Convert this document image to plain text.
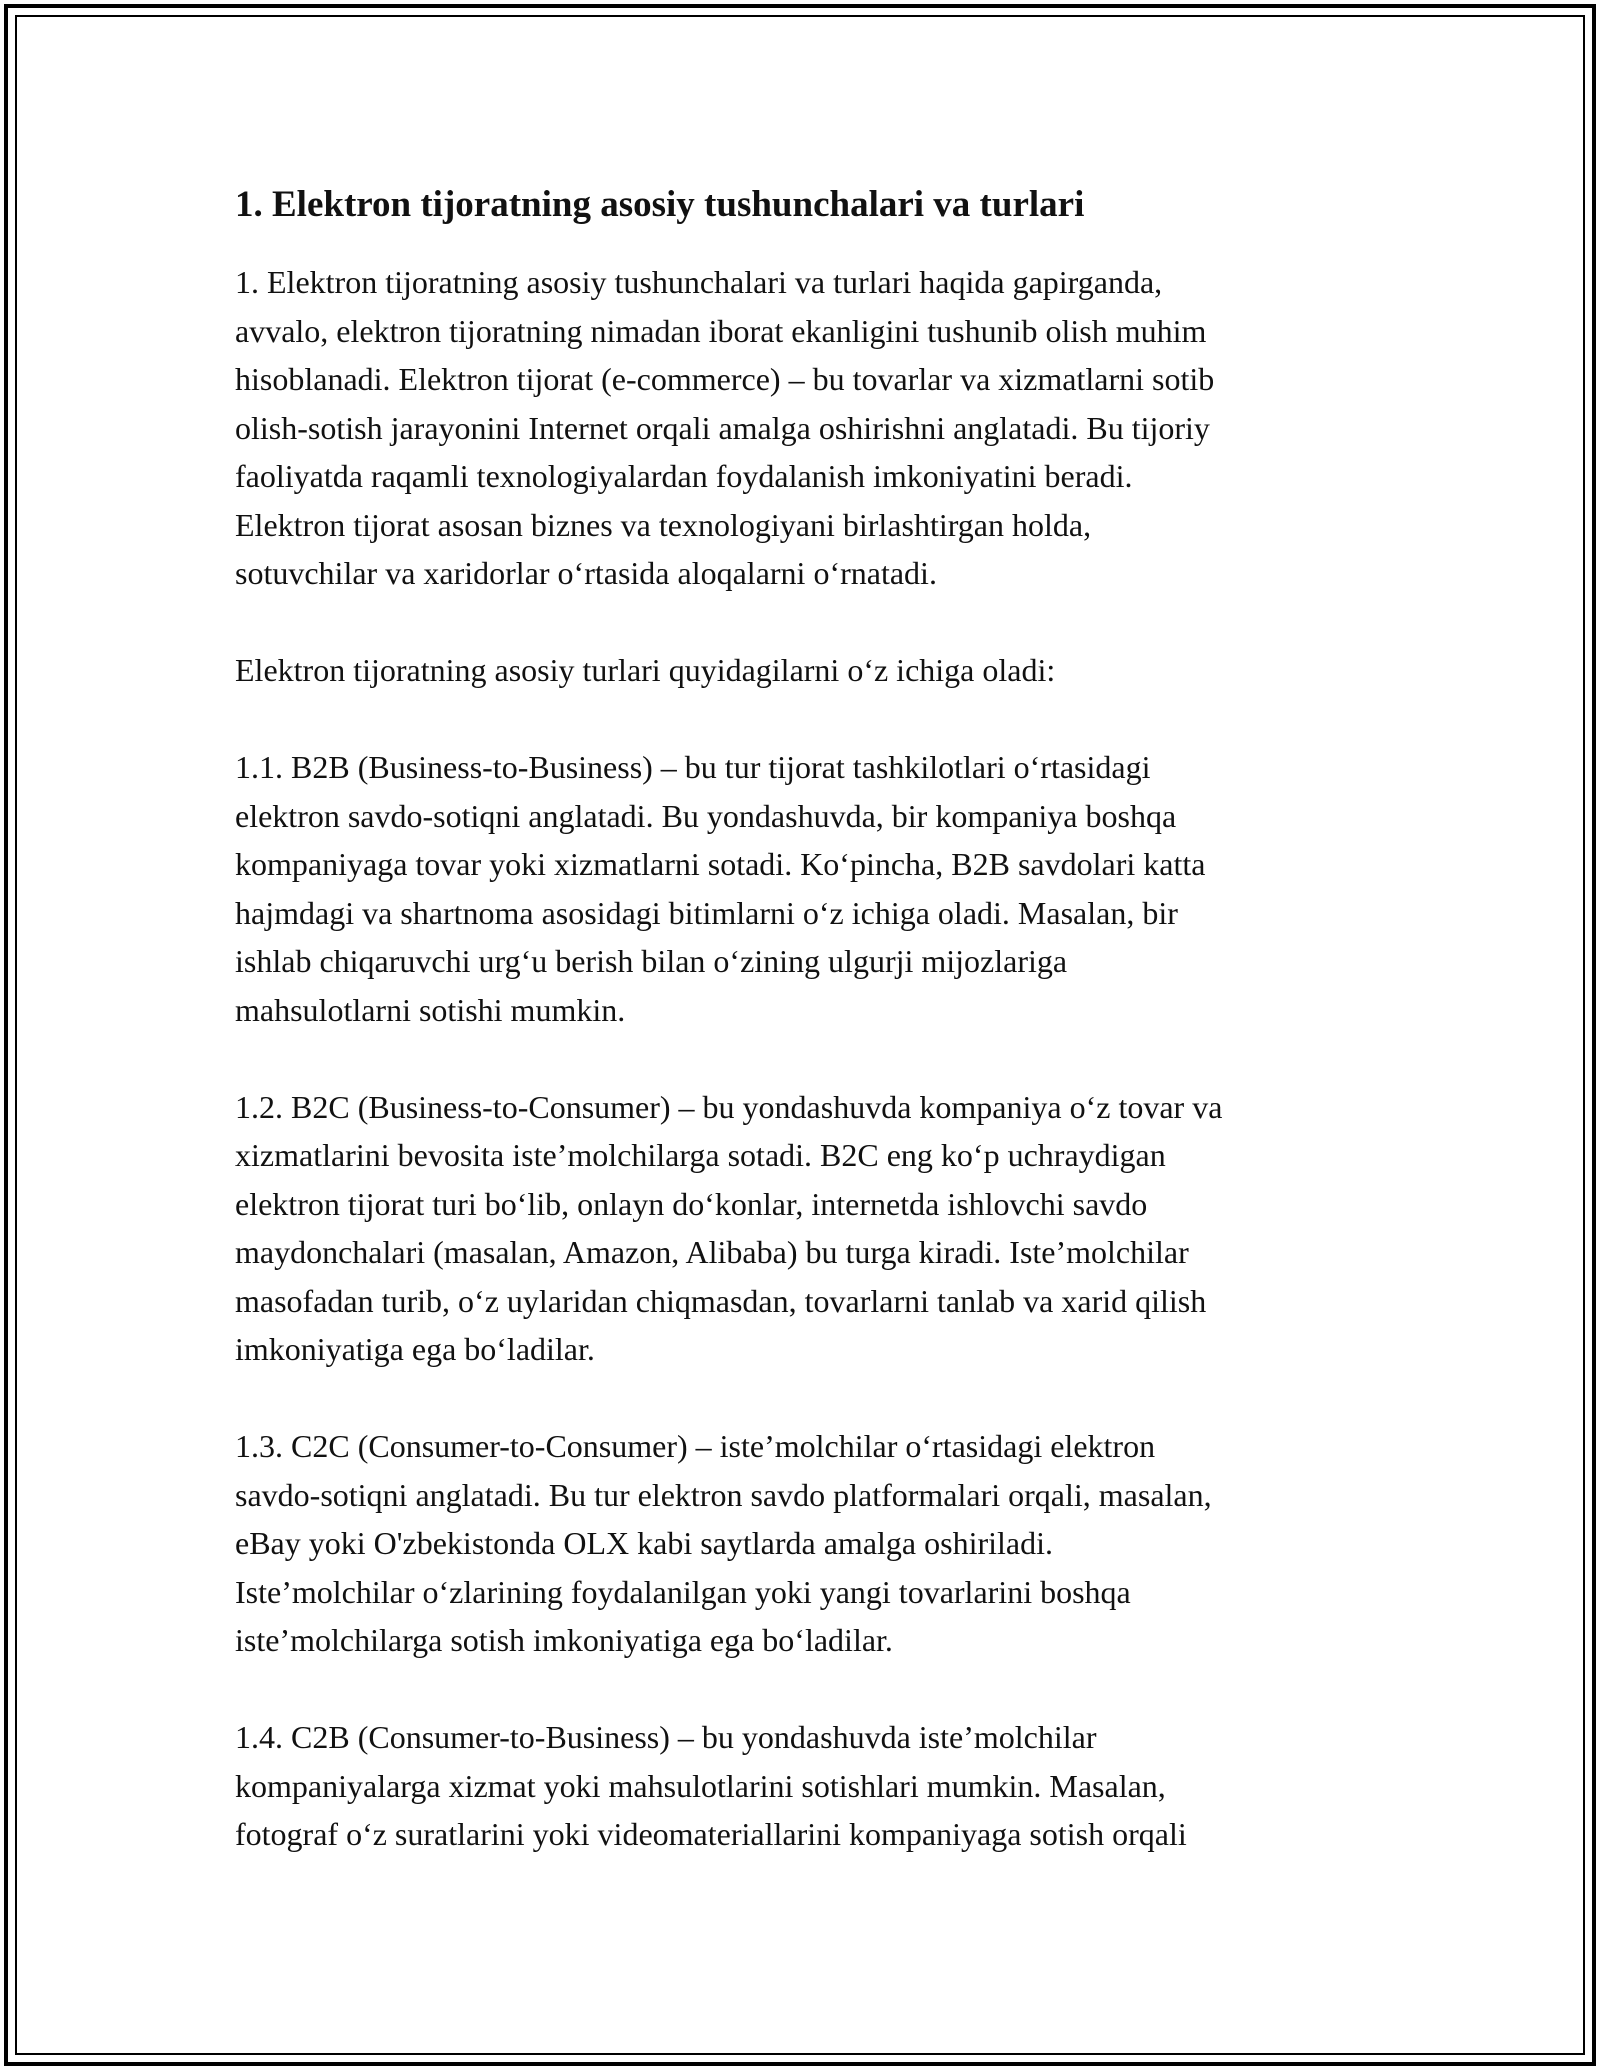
1. Elektron tijoratning asosiy tushunchalari va turlari

1. Elektron tijoratning asosiy tushunchalari va turlari haqida gapirganda,
avvalo, elektron tijoratning nimadan iborat ekanligini tushunib olish muhim
hisoblanadi. Elektron tijorat (e-commerce) – bu tovarlar va xizmatlarni sotib
olish-sotish jarayonini Internet orqali amalga oshirishni anglatadi. Bu tijoriy
faoliyatda raqamli texnologiyalardan foydalanish imkoniyatini beradi.
Elektron tijorat asosan biznes va texnologiyani birlashtirgan holda,
sotuvchilar va xaridorlar oʻrtasida aloqalarni oʻrnatadi.

Elektron tijoratning asosiy turlari quyidagilarni oʻz ichiga oladi:

1.1. B2B (Business-to-Business) – bu tur tijorat tashkilotlari oʻrtasidagi
elektron savdo-sotiqni anglatadi. Bu yondashuvda, bir kompaniya boshqa
kompaniyaga tovar yoki xizmatlarni sotadi. Koʻpincha, B2B savdolari katta
hajmdagi va shartnoma asosidagi bitimlarni oʻz ichiga oladi. Masalan, bir
ishlab chiqaruvchi urgʻu berish bilan oʻzining ulgurji mijozlariga
mahsulotlarni sotishi mumkin.

1.2. B2C (Business-to-Consumer) – bu yondashuvda kompaniya oʻz tovar va
xizmatlarini bevosita isteʼmolchilarga sotadi. B2C eng koʻp uchraydigan
elektron tijorat turi boʻlib, onlayn doʻkonlar, internetda ishlovchi savdo
maydonchalari (masalan, Amazon, Alibaba) bu turga kiradi. Isteʼmolchilar
masofadan turib, oʻz uylaridan chiqmasdan, tovarlarni tanlab va xarid qilish
imkoniyatiga ega boʻladilar.

1.3. C2C (Consumer-to-Consumer) – isteʼmolchilar oʻrtasidagi elektron
savdo-sotiqni anglatadi. Bu tur elektron savdo platformalari orqali, masalan,
eBay yoki O'zbekistonda OLX kabi saytlarda amalga oshiriladi.
Isteʼmolchilar oʻzlarining foydalanilgan yoki yangi tovarlarini boshqa
isteʼmolchilarga sotish imkoniyatiga ega boʻladilar.

1.4. C2B (Consumer-to-Business) – bu yondashuvda isteʼmolchilar
kompaniyalarga xizmat yoki mahsulotlarini sotishlari mumkin. Masalan,
fotograf oʻz suratlarini yoki videomateriallarini kompaniyaga sotish orqali
